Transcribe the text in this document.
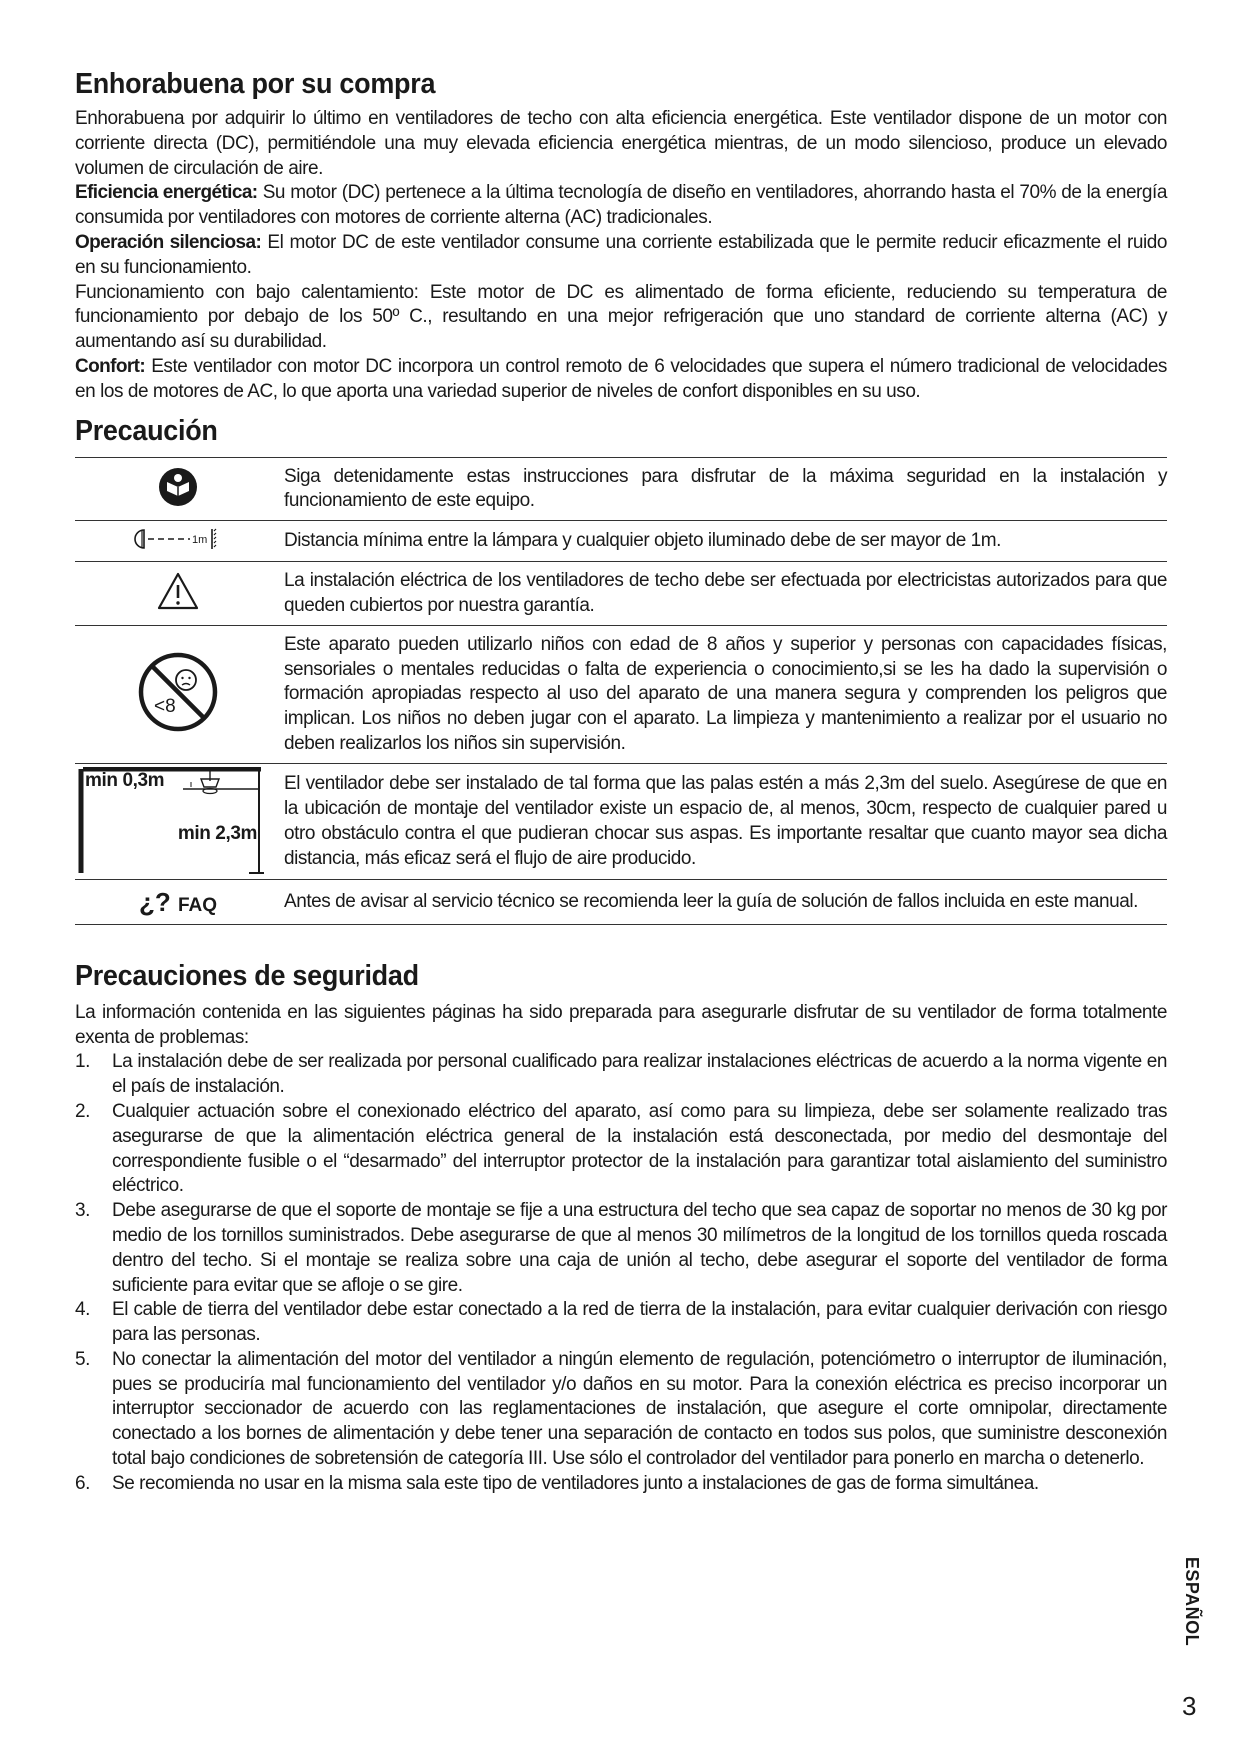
Enhorabuena por su compra

Enhorabuena por adquirir lo último en ventiladores de techo con alta eficiencia energética. Este ventilador dispone de un motor con corriente directa (DC), permitiéndole una muy elevada eficiencia energética mientras, de un modo silencioso, produce un elevado volumen de circulación de aire.

Eficiencia energética: Su motor (DC) pertenece a la última tecnología de diseño en ventiladores, ahorrando hasta el 70% de la energía consumida por ventiladores con motores de corriente alterna (AC) tradicionales.

Operación silenciosa: El motor DC de este ventilador consume una corriente estabilizada que le permite reducir eficazmente el ruido en su funcionamiento.

Funcionamiento con bajo calentamiento: Este motor de DC es alimentado de forma eficiente, reduciendo su temperatura de funcionamiento por debajo de los 50º C., resultando en una mejor refrigeración que uno standard de corriente alterna (AC) y aumentando así su durabilidad.

Confort: Este ventilador con motor DC incorpora un control remoto de 6 velocidades que supera el número tradicional de velocidades en los de motores de AC, lo que aporta una variedad superior de niveles de confort disponibles en su uso.

Precaución
	Siga detenidamente estas instrucciones para disfrutar de la máxima seguridad en la instalación y funcionamiento de este equipo.

1m	Distancia mínima entre la lámpara y cualquier objeto iluminado debe de ser mayor de 1m.
	La instalación eléctrica de los ventiladores de techo debe ser efectuada por electricistas autorizados para que queden cubiertos por nuestra garantía.

<8	Este aparato pueden utilizarlo niños con edad de 8 años y superior y personas con capacidades físicas, sensoriales o mentales reducidas o falta de experiencia o conocimiento,si se les ha dado la supervisión o formación apropiadas respecto al uso del aparato de una manera segura y comprenden los peligros que implican. Los niños no deben jugar con el aparato. La limpieza y mantenimiento a realizar por el usuario no deben realizarlos los niños sin supervisión.

min 0,3m
min 2,3m	El ventilador debe ser instalado de tal forma que las palas estén a más 2,3m del suelo. Asegúrese de que en la ubicación de montaje del ventilador existe un espacio de, al menos, 30cm, respecto de cualquier pared u otro obstáculo contra el que pudieran chocar sus aspas. Es importante resaltar que cuanto mayor sea dicha distancia, más eficaz será el flujo de aire producido.
¿? FAQ	Antes de avisar al servicio técnico se recomienda leer la guía de solución de fallos incluida en este manual.
Precauciones de seguridad

La información contenida en las siguientes páginas ha sido preparada para asegurarle disfrutar de su ventilador de forma totalmente exenta de problemas:

1. La instalación debe de ser realizada por personal cualificado para realizar instalaciones eléctricas de acuerdo a la norma vigente en el país de instalación.
2. Cualquier actuación sobre el conexionado eléctrico del aparato, así como para su limpieza, debe ser solamente realizado tras asegurarse de que la alimentación eléctrica general de la instalación está desconectada, por medio del desmontaje del correspondiente fusible o el “desarmado” del interruptor protector de la instalación para garantizar total aislamiento del suministro eléctrico.
3. Debe asegurarse de que el soporte de montaje se fije a una estructura del techo que sea capaz de soportar no menos de 30 kg por medio de los tornillos suministrados. Debe asegurarse de que al menos 30 milímetros de la longitud de los tornillos queda roscada dentro del techo. Si el montaje se realiza sobre una caja de unión al techo, debe asegurar el soporte del ventilador de forma suficiente para evitar que se afloje o se gire.
4. El cable de tierra del ventilador debe estar conectado a la red de tierra de la instalación, para evitar cualquier derivación con riesgo para las personas.
5. No conectar la alimentación del motor del ventilador a ningún elemento de regulación, potenciómetro o interruptor de iluminación, pues se produciría mal funcionamiento del ventilador y/o daños en su motor. Para la conexión eléctrica es preciso incorporar un interruptor seccionador de acuerdo con las reglamentaciones de instalación, que asegure el corte omnipolar, directamente conectado a los bornes de alimentación y debe tener una separación de contacto en todos sus polos, que suministre desconexión total bajo condiciones de sobretensión de categoría III. Use sólo el controlador del ventilador para ponerlo en marcha o detenerlo.
6. Se recomienda no usar en la misma sala este tipo de ventiladores junto a instalaciones de gas de forma simultánea.
ESPAÑOL
3
